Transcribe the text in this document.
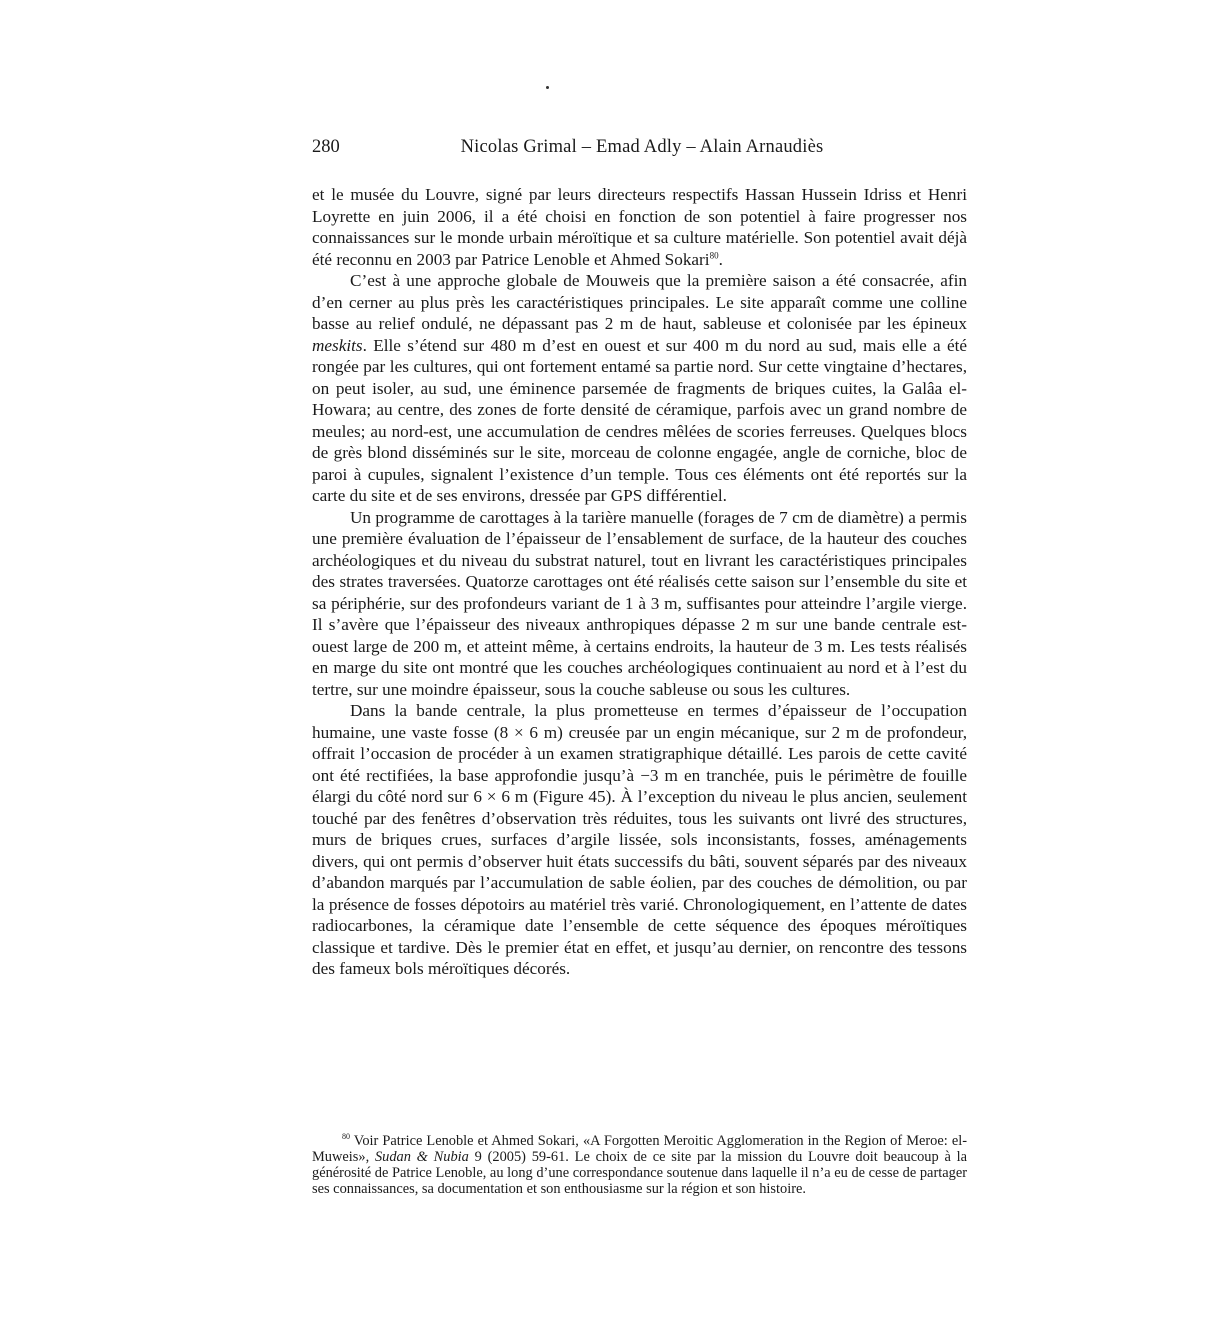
280	Nicolas Grimal – Emad Adly – Alain Arnaudiès

et le musée du Louvre, signé par leurs directeurs respectifs Hassan Hussein Idriss et Henri Loyrette en juin 2006, il a été choisi en fonction de son potentiel à faire progresser nos connaissances sur le monde urbain méroïtique et sa culture matérielle. Son potentiel avait déjà été reconnu en 2003 par Patrice Lenoble et Ahmed Sokari$^{80}$.

C’est à une approche globale de Mouweis que la première saison a été consacrée, afin d’en cerner au plus près les caractéristiques principales. Le site apparaît comme une colline basse au relief ondulé, ne dépassant pas 2 m de haut, sableuse et colonisée par les épineux meskits. Elle s’étend sur 480 m d’est en ouest et sur 400 m du nord au sud, mais elle a été rongée par les cultures, qui ont fortement entamé sa partie nord. Sur cette vingtaine d’hectares, on peut isoler, au sud, une éminence parsemée de fragments de briques cuites, la Galâa el-Howara; au centre, des zones de forte densité de céramique, parfois avec un grand nombre de meules; au nord-est, une accumulation de cendres mêlées de scories ferreuses. Quelques blocs de grès blond disséminés sur le site, morceau de colonne engagée, angle de corniche, bloc de paroi à cupules, signalent l’existence d’un temple. Tous ces éléments ont été reportés sur la carte du site et de ses environs, dressée par GPS différentiel.

Un programme de carottages à la tarière manuelle (forages de 7 cm de diamètre) a permis une première évaluation de l’épaisseur de l’ensablement de surface, de la hauteur des couches archéologiques et du niveau du substrat naturel, tout en livrant les caractéristiques principales des strates traversées. Quatorze carottages ont été réalisés cette saison sur l’ensemble du site et sa périphérie, sur des profondeurs variant de 1 à 3 m, suffisantes pour atteindre l’argile vierge. Il s’avère que l’épaisseur des niveaux anthropiques dépasse 2 m sur une bande centrale est-ouest large de 200 m, et atteint même, à certains endroits, la hauteur de 3 m. Les tests réalisés en marge du site ont montré que les couches archéologiques continuaient au nord et à l’est du tertre, sur une moindre épaisseur, sous la couche sableuse ou sous les cultures.

Dans la bande centrale, la plus prometteuse en termes d’épaisseur de l’occupation humaine, une vaste fosse (8 × 6 m) creusée par un engin mécanique, sur 2 m de profondeur, offrait l’occasion de procéder à un examen stratigraphique détaillé. Les parois de cette cavité ont été rectifiées, la base approfondie jusqu’à −3 m en tranchée, puis le périmètre de fouille élargi du côté nord sur 6 × 6 m (Figure 45). À l’exception du niveau le plus ancien, seulement touché par des fenêtres d’observation très réduites, tous les suivants ont livré des structures, murs de briques crues, surfaces d’argile lissée, sols inconsistants, fosses, aménagements divers, qui ont permis d’observer huit états successifs du bâti, souvent séparés par des niveaux d’abandon marqués par l’accumulation de sable éolien, par des couches de démolition, ou par la présence de fosses dépotoirs au matériel très varié. Chronologiquement, en l’attente de dates radiocarbones, la céramique date l’ensemble de cette séquence des époques méroïtiques classique et tardive. Dès le premier état en effet, et jusqu’au dernier, on rencontre des tessons des fameux bols méroïtiques décorés.

$^{80}$ Voir Patrice Lenoble et Ahmed Sokari, «A Forgotten Meroitic Agglomeration in the Region of Meroe: el-Muweis», Sudan & Nubia 9 (2005) 59-61. Le choix de ce site par la mission du Louvre doit beaucoup à la générosité de Patrice Lenoble, au long d’une correspondance soutenue dans laquelle il n’a eu de cesse de partager ses connaissances, sa documentation et son enthousiasme sur la région et son histoire.
